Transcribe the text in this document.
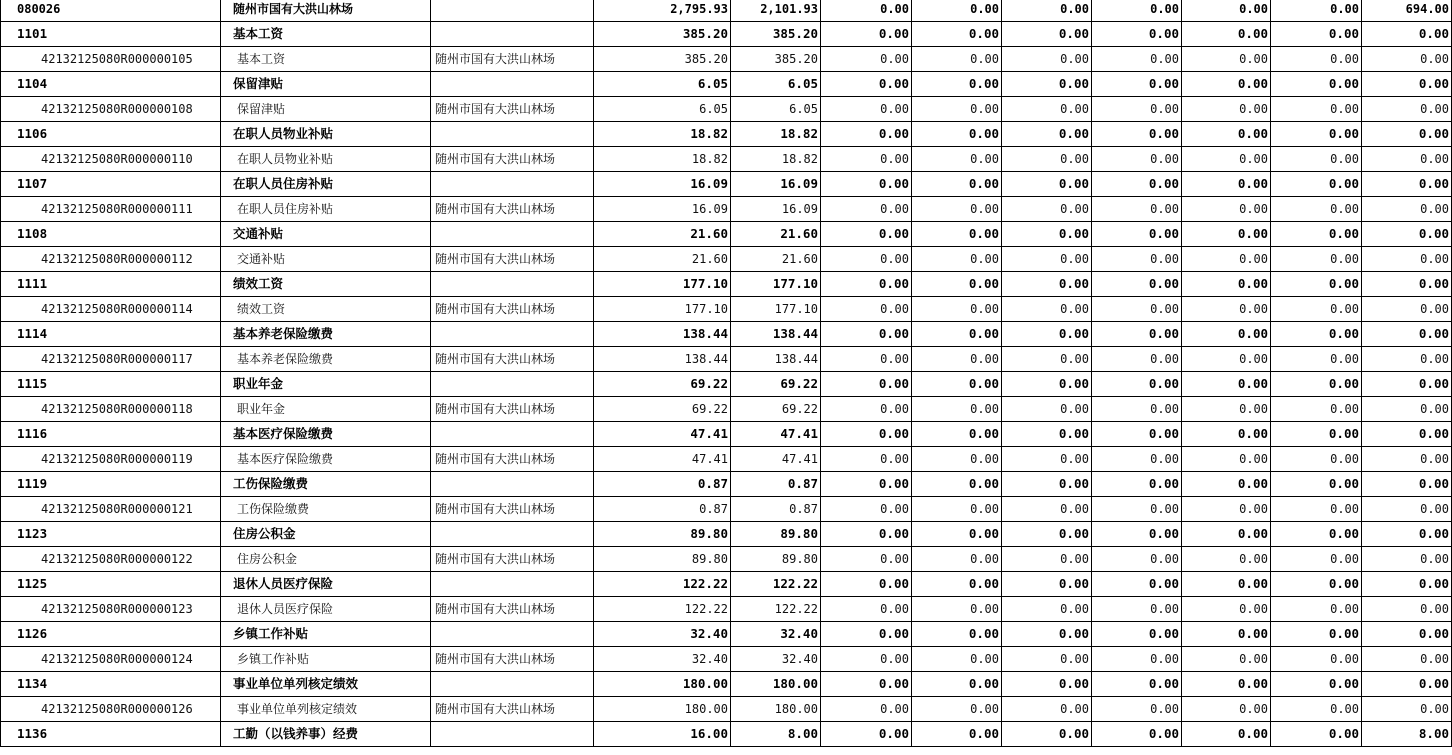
080026	随州市国有大洪山林场		2,795.93	2,101.93	0.00	0.00	0.00	0.00	0.00	0.00	694.00
1101	基本工资		385.20	385.20	0.00	0.00	0.00	0.00	0.00	0.00	0.00
42132125080R000000105	基本工资	随州市国有大洪山林场	385.20	385.20	0.00	0.00	0.00	0.00	0.00	0.00	0.00
1104	保留津贴		6.05	6.05	0.00	0.00	0.00	0.00	0.00	0.00	0.00
42132125080R000000108	保留津贴	随州市国有大洪山林场	6.05	6.05	0.00	0.00	0.00	0.00	0.00	0.00	0.00
1106	在职人员物业补贴		18.82	18.82	0.00	0.00	0.00	0.00	0.00	0.00	0.00
42132125080R000000110	在职人员物业补贴	随州市国有大洪山林场	18.82	18.82	0.00	0.00	0.00	0.00	0.00	0.00	0.00
1107	在职人员住房补贴		16.09	16.09	0.00	0.00	0.00	0.00	0.00	0.00	0.00
42132125080R000000111	在职人员住房补贴	随州市国有大洪山林场	16.09	16.09	0.00	0.00	0.00	0.00	0.00	0.00	0.00
1108	交通补贴		21.60	21.60	0.00	0.00	0.00	0.00	0.00	0.00	0.00
42132125080R000000112	交通补贴	随州市国有大洪山林场	21.60	21.60	0.00	0.00	0.00	0.00	0.00	0.00	0.00
1111	绩效工资		177.10	177.10	0.00	0.00	0.00	0.00	0.00	0.00	0.00
42132125080R000000114	绩效工资	随州市国有大洪山林场	177.10	177.10	0.00	0.00	0.00	0.00	0.00	0.00	0.00
1114	基本养老保险缴费		138.44	138.44	0.00	0.00	0.00	0.00	0.00	0.00	0.00
42132125080R000000117	基本养老保险缴费	随州市国有大洪山林场	138.44	138.44	0.00	0.00	0.00	0.00	0.00	0.00	0.00
1115	职业年金		69.22	69.22	0.00	0.00	0.00	0.00	0.00	0.00	0.00
42132125080R000000118	职业年金	随州市国有大洪山林场	69.22	69.22	0.00	0.00	0.00	0.00	0.00	0.00	0.00
1116	基本医疗保险缴费		47.41	47.41	0.00	0.00	0.00	0.00	0.00	0.00	0.00
42132125080R000000119	基本医疗保险缴费	随州市国有大洪山林场	47.41	47.41	0.00	0.00	0.00	0.00	0.00	0.00	0.00
1119	工伤保险缴费		0.87	0.87	0.00	0.00	0.00	0.00	0.00	0.00	0.00
42132125080R000000121	工伤保险缴费	随州市国有大洪山林场	0.87	0.87	0.00	0.00	0.00	0.00	0.00	0.00	0.00
1123	住房公积金		89.80	89.80	0.00	0.00	0.00	0.00	0.00	0.00	0.00
42132125080R000000122	住房公积金	随州市国有大洪山林场	89.80	89.80	0.00	0.00	0.00	0.00	0.00	0.00	0.00
1125	退休人员医疗保险		122.22	122.22	0.00	0.00	0.00	0.00	0.00	0.00	0.00
42132125080R000000123	退休人员医疗保险	随州市国有大洪山林场	122.22	122.22	0.00	0.00	0.00	0.00	0.00	0.00	0.00
1126	乡镇工作补贴		32.40	32.40	0.00	0.00	0.00	0.00	0.00	0.00	0.00
42132125080R000000124	乡镇工作补贴	随州市国有大洪山林场	32.40	32.40	0.00	0.00	0.00	0.00	0.00	0.00	0.00
1134	事业单位单列核定绩效		180.00	180.00	0.00	0.00	0.00	0.00	0.00	0.00	0.00
42132125080R000000126	事业单位单列核定绩效	随州市国有大洪山林场	180.00	180.00	0.00	0.00	0.00	0.00	0.00	0.00	0.00
1136	工勤（以钱养事）经费		16.00	8.00	0.00	0.00	0.00	0.00	0.00	0.00	8.00
